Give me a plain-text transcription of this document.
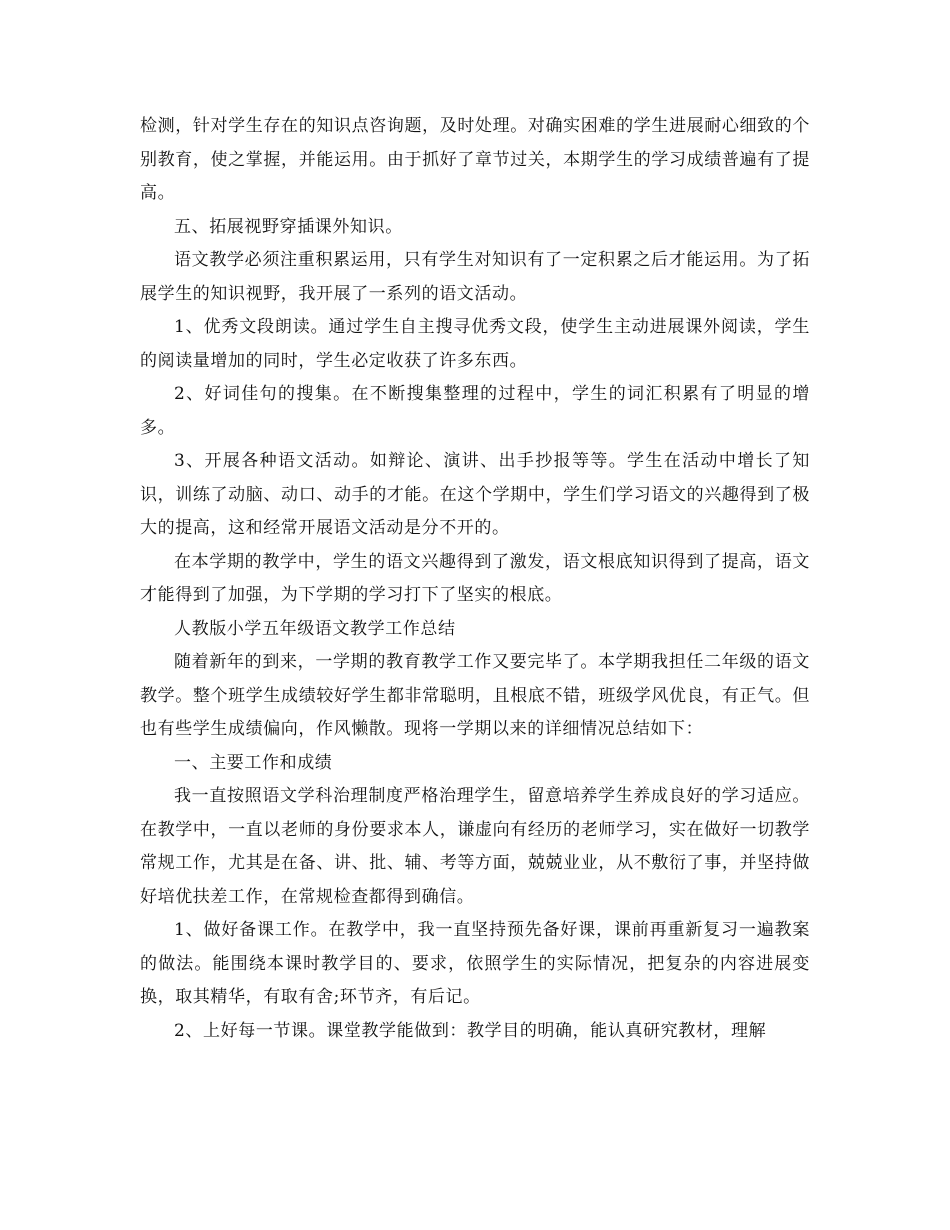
检测，针对学生存在的知识点咨询题，及时处理。对确实困难的学生进展耐心细致的个别教育，使之掌握，并能运用。由于抓好了章节过关，本期学生的学习成绩普遍有了提高。

五、拓展视野穿插课外知识。

语文教学必须注重积累运用，只有学生对知识有了一定积累之后才能运用。为了拓展学生的知识视野，我开展了一系列的语文活动。

1、优秀文段朗读。通过学生自主搜寻优秀文段，使学生主动进展课外阅读，学生的阅读量增加的同时，学生必定收获了许多东西。

2、好词佳句的搜集。在不断搜集整理的过程中，学生的词汇积累有了明显的增多。

3、开展各种语文活动。如辩论、演讲、出手抄报等等。学生在活动中增长了知识，训练了动脑、动口、动手的才能。在这个学期中，学生们学习语文的兴趣得到了极大的提高，这和经常开展语文活动是分不开的。

在本学期的教学中，学生的语文兴趣得到了激发，语文根底知识得到了提高，语文才能得到了加强，为下学期的学习打下了坚实的根底。

人教版小学五年级语文教学工作总结

随着新年的到来，一学期的教育教学工作又要完毕了。本学期我担任二年级的语文教学。整个班学生成绩较好学生都非常聪明，且根底不错，班级学风优良，有正气。但也有些学生成绩偏向，作风懒散。现将一学期以来的详细情况总结如下：

一、主要工作和成绩

我一直按照语文学科治理制度严格治理学生，留意培养学生养成良好的学习适应。在教学中，一直以老师的身份要求本人，谦虚向有经历的老师学习，实在做好一切教学常规工作，尤其是在备、讲、批、辅、考等方面，兢兢业业，从不敷衍了事，并坚持做好培优扶差工作，在常规检查都得到确信。

1、做好备课工作。在教学中，我一直坚持预先备好课，课前再重新复习一遍教案的做法。能围绕本课时教学目的、要求，依照学生的实际情况，把复杂的内容进展变换，取其精华，有取有舍;环节齐，有后记。

2、上好每一节课。课堂教学能做到：教学目的明确，能认真研究教材，理解
